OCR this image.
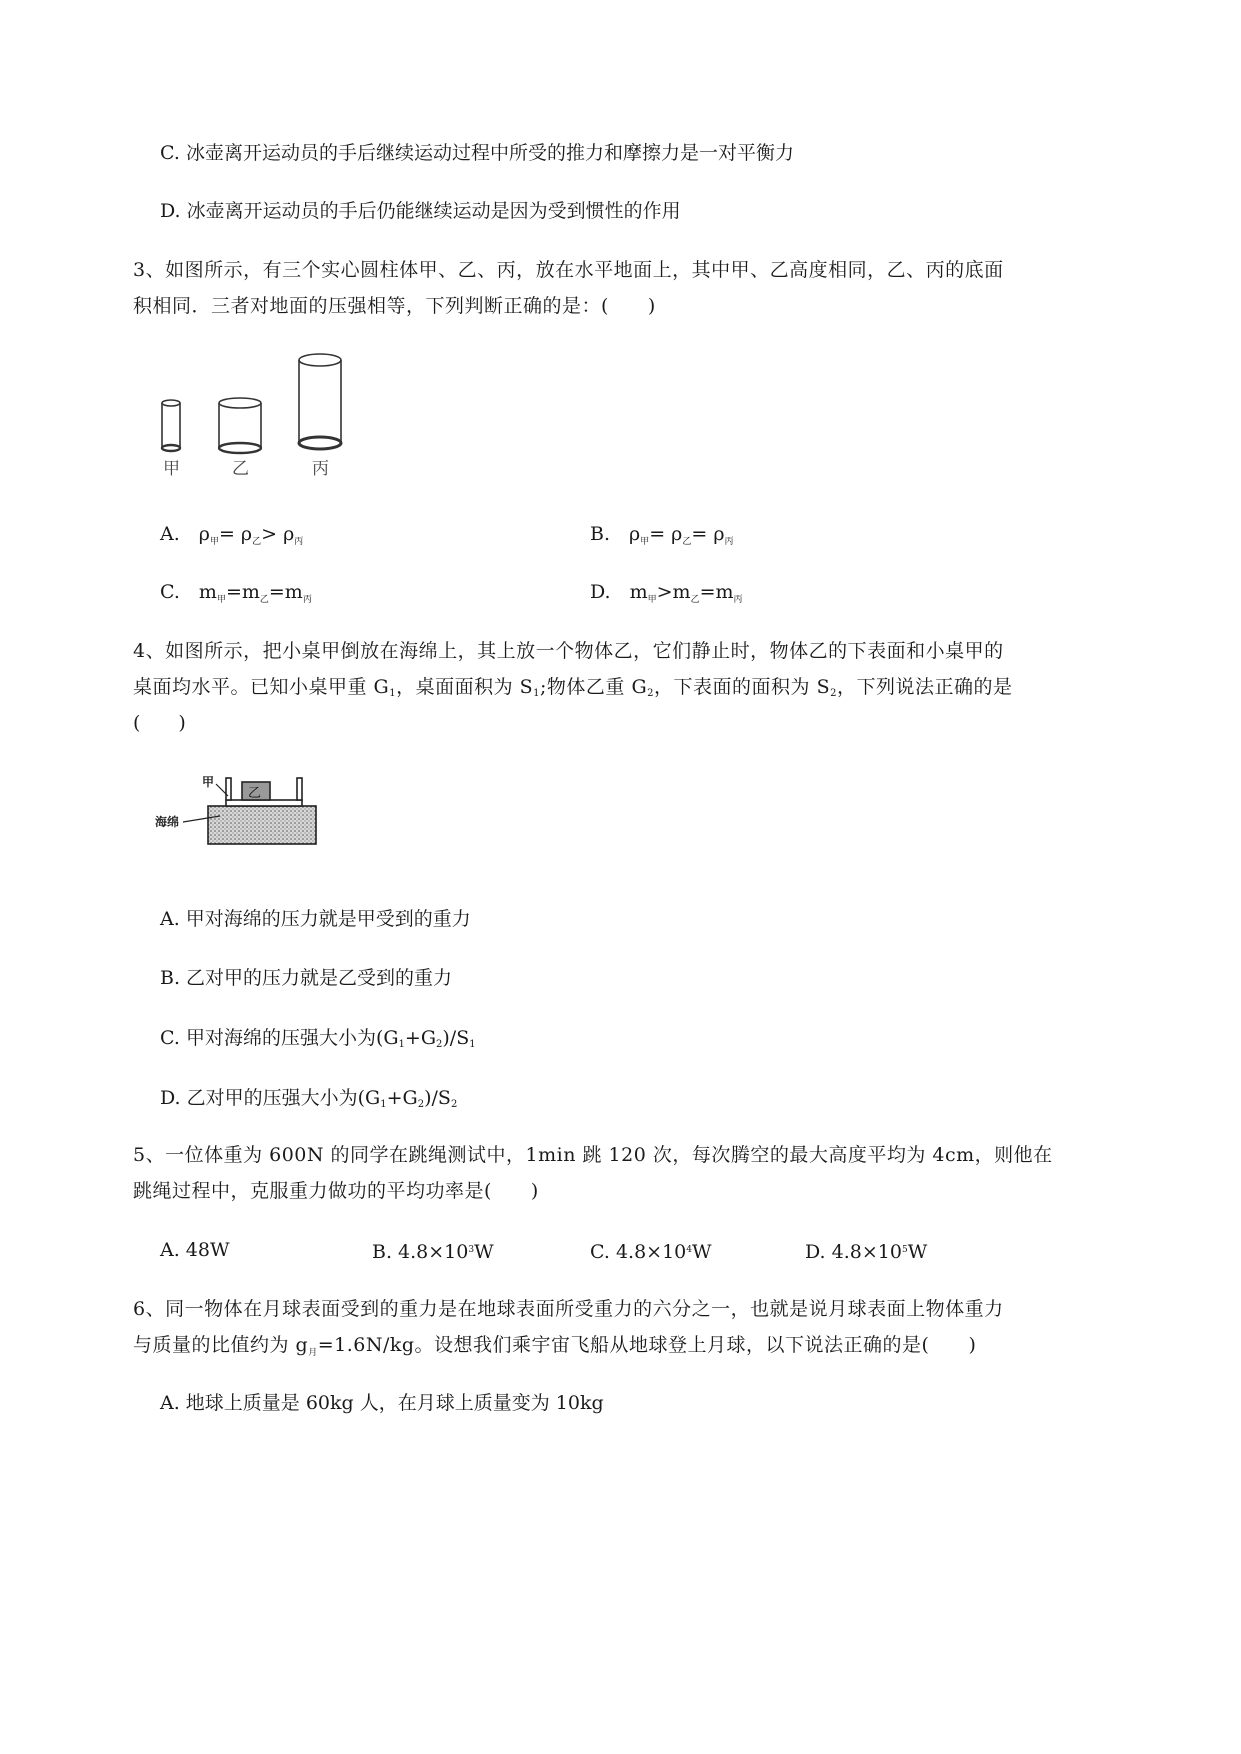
C. 冰壶离开运动员的手后继续运动过程中所受的推力和摩擦力是一对平衡力
D. 冰壶离开运动员的手后仍能继续运动是因为受到惯性的作用
3、如图所示，有三个实心圆柱体甲、乙、丙，放在水平地面上，其中甲、乙高度相同，乙、丙的底面
积相同．三者对地面的压强相等，下列判断正确的是：(　　)
甲	乙	丙
A.　$\rho_甲= \rho_乙> \rho_丙$	B.　$\rho_甲= \rho_乙= \rho_丙$
C.　$m_甲=m_乙=m_丙$	D.　$m_甲>m_乙=m_丙$
4、如图所示，把小桌甲倒放在海绵上，其上放一个物体乙，它们静止时，物体乙的下表面和小桌甲的
桌面均水平。已知小桌甲重 $G_1$，桌面面积为 $S_1$;物体乙重 $G_2$，下表面的面积为 $S_2$，下列说法正确的是
(　　)
乙
甲
海绵
A. 甲对海绵的压力就是甲受到的重力
B. 乙对甲的压力就是乙受到的重力
C. 甲对海绵的压强大小为$(G_1+G_2)/S_1$
D. 乙对甲的压强大小为$(G_1+G_2)/S_2$
5、一位体重为 600N 的同学在跳绳测试中，1min 跳 120 次，每次腾空的最大高度平均为 4cm，则他在
跳绳过程中，克服重力做功的平均功率是(　　)
A. 48W	B. $4.8\times 10^3W$	C. $4.8\times 10^4W$	D. $4.8\times 10^5W$
6、同一物体在月球表面受到的重力是在地球表面所受重力的六分之一，也就是说月球表面上物体重力
与质量的比值约为 $g_月=1.6N/kg$。设想我们乘宇宙飞船从地球登上月球，以下说法正确的是(　　)
A. 地球上质量是 60kg 人，在月球上质量变为 10kg
